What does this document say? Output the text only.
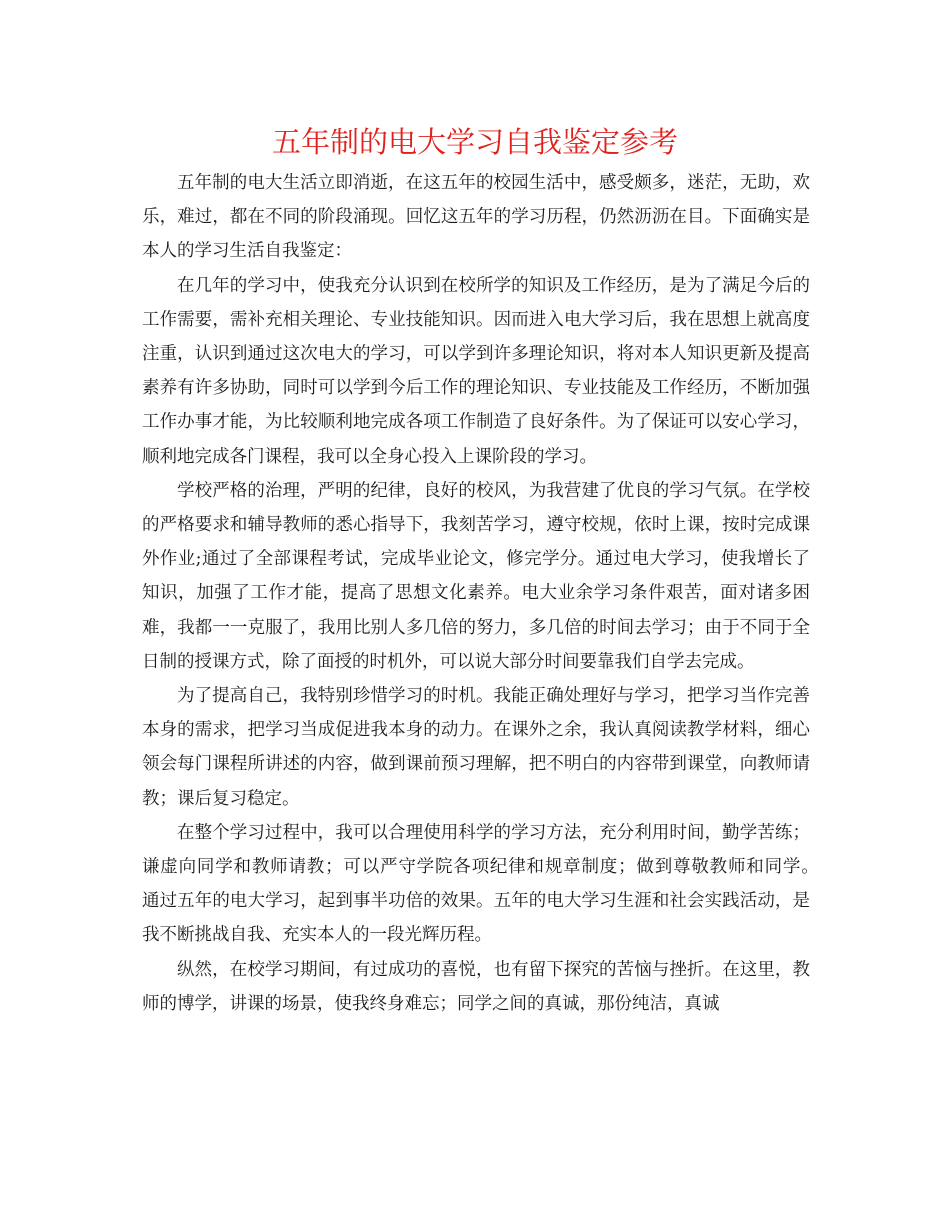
五年制的电大学习自我鉴定参考

五年制的电大生活立即消逝，在这五年的校园生活中，感受颇多，迷茫，无助，欢乐，难过，都在不同的阶段涌现。回忆这五年的学习历程，仍然沥沥在目。下面确实是本人的学习生活自我鉴定：

在几年的学习中，使我充分认识到在校所学的知识及工作经历，是为了满足今后的工作需要，需补充相关理论、专业技能知识。因而进入电大学习后，我在思想上就高度注重，认识到通过这次电大的学习，可以学到许多理论知识，将对本人知识更新及提高素养有许多协助，同时可以学到今后工作的理论知识、专业技能及工作经历，不断加强工作办事才能，为比较顺利地完成各项工作制造了良好条件。为了保证可以安心学习，顺利地完成各门课程，我可以全身心投入上课阶段的学习。

学校严格的治理，严明的纪律，良好的校风，为我营建了优良的学习气氛。在学校的严格要求和辅导教师的悉心指导下，我刻苦学习，遵守校规，依时上课，按时完成课外作业;通过了全部课程考试，完成毕业论文，修完学分。通过电大学习，使我增长了知识，加强了工作才能，提高了思想文化素养。电大业余学习条件艰苦，面对诸多困难，我都一一克服了，我用比别人多几倍的努力，多几倍的时间去学习；由于不同于全日制的授课方式，除了面授的时机外，可以说大部分时间要靠我们自学去完成。

为了提高自己，我特别珍惜学习的时机。我能正确处理好与学习，把学习当作完善本身的需求，把学习当成促进我本身的动力。在课外之余，我认真阅读教学材料，细心领会每门课程所讲述的内容，做到课前预习理解，把不明白的内容带到课堂，向教师请教；课后复习稳定。

在整个学习过程中，我可以合理使用科学的学习方法，充分利用时间，勤学苦练；谦虚向同学和教师请教；可以严守学院各项纪律和规章制度；做到尊敬教师和同学。　　通过五年的电大学习，起到事半功倍的效果。五年的电大学习生涯和社会实践活动，是我不断挑战自我、充实本人的一段光辉历程。

纵然，在校学习期间，有过成功的喜悦，也有留下探究的苦恼与挫折。在这里，教师的博学，讲课的场景，使我终身难忘；同学之间的真诚，那份纯洁，真诚
